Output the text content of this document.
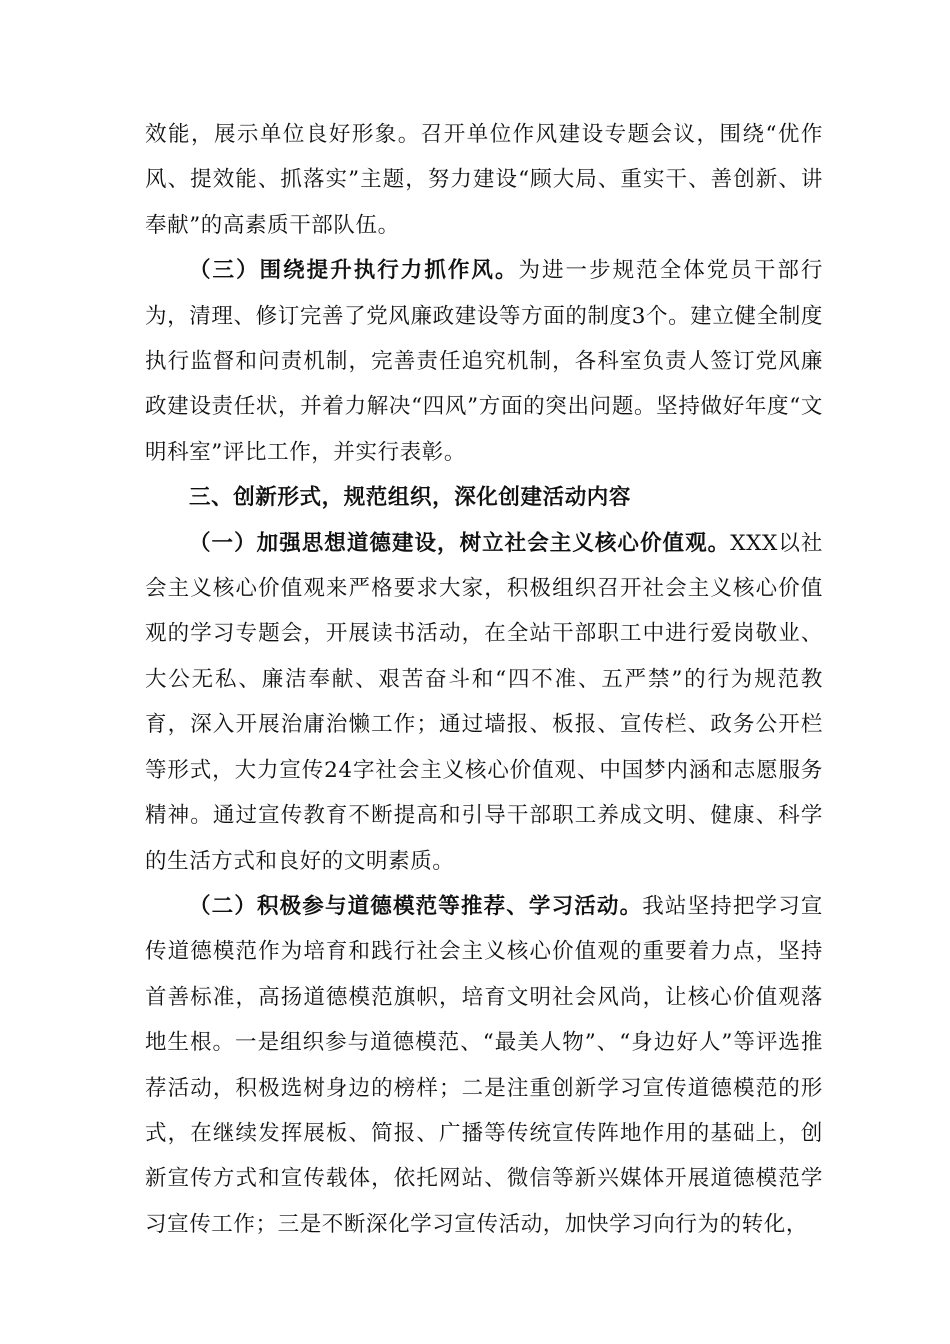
效能，展示单位良好形象。召开单位作风建设专题会议，围绕“优作风、提效能、抓落实”主题，努力建设“顾大局、重实干、善创新、讲奉献”的高素质干部队伍。

（三）围绕提升执行力抓作风。为进一步规范全体党员干部行为，清理、修订完善了党风廉政建设等方面的制度3个。建立健全制度执行监督和问责机制，完善责任追究机制，各科室负责人签订党风廉政建设责任状，并着力解决“四风”方面的突出问题。坚持做好年度“文明科室”评比工作，并实行表彰。

三、创新形式，规范组织，深化创建活动内容

（一）加强思想道德建设，树立社会主义核心价值观。XXX以社会主义核心价值观来严格要求大家，积极组织召开社会主义核心价值观的学习专题会，开展读书活动，在全站干部职工中进行爱岗敬业、大公无私、廉洁奉献、艰苦奋斗和“四不准、五严禁”的行为规范教育，深入开展治庸治懒工作；通过墙报、板报、宣传栏、政务公开栏等形式，大力宣传24字社会主义核心价值观、中国梦内涵和志愿服务精神。通过宣传教育不断提高和引导干部职工养成文明、健康、科学的生活方式和良好的文明素质。

（二）积极参与道德模范等推荐、学习活动。我站坚持把学习宣传道德模范作为培育和践行社会主义核心价值观的重要着力点，坚持首善标准，高扬道德模范旗帜，培育文明社会风尚，让核心价值观落地生根。一是组织参与道德模范、“最美人物”、“身边好人”等评选推荐活动，积极选树身边的榜样；二是注重创新学习宣传道德模范的形式，在继续发挥展板、简报、广播等传统宣传阵地作用的基础上，创新宣传方式和宣传载体，依托网站、微信等新兴媒体开展道德模范学习宣传工作；三是不断深化学习宣传活动，加快学习向行为的转化，
